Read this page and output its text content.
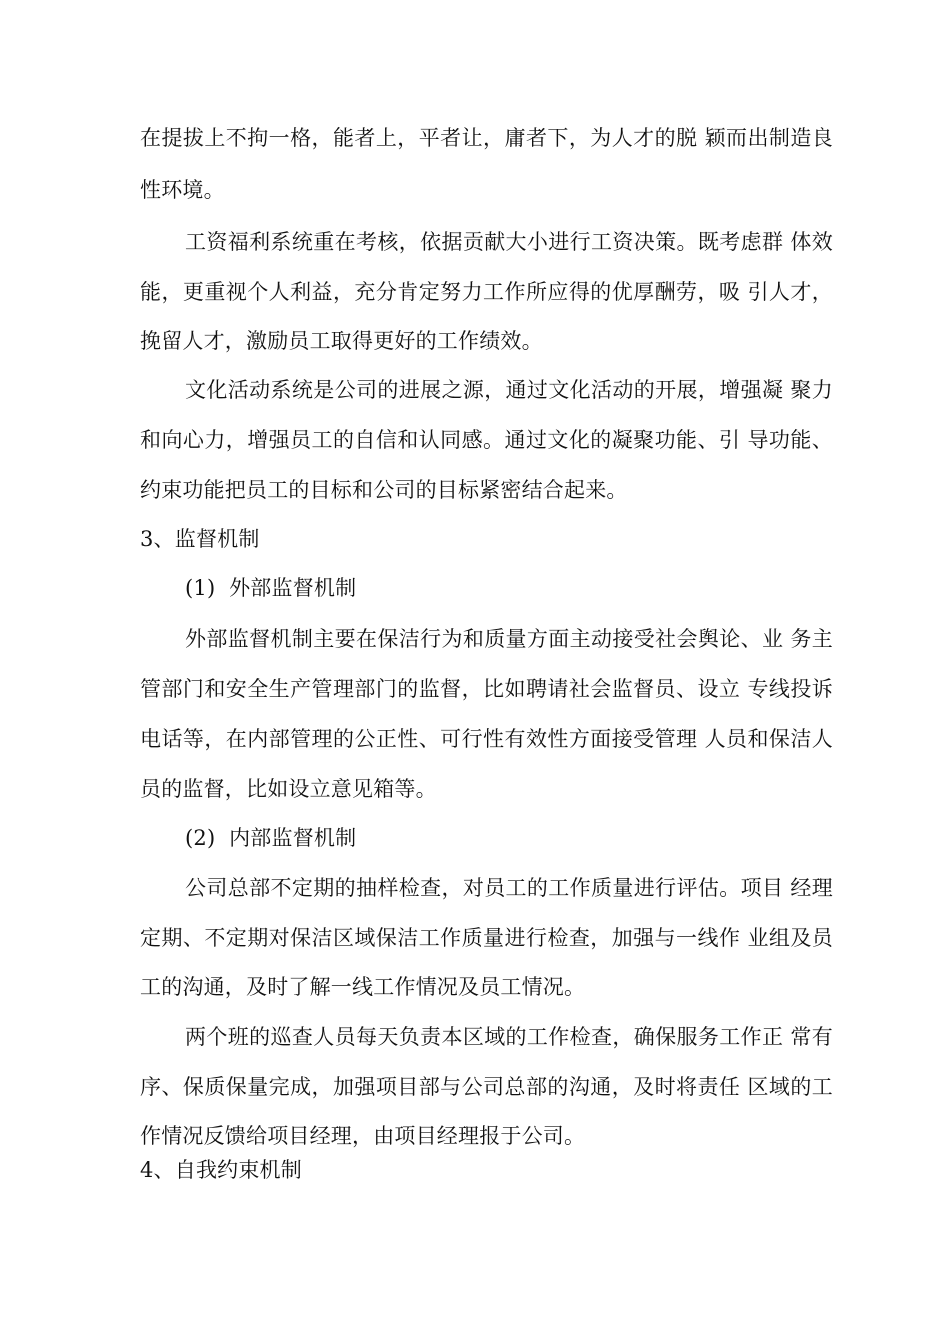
在提拔上不拘一格，能者上，平者让，庸者下，为人才的脱 颖而出制造良
性环境。
工资福利系统重在考核，依据贡献大小进行工资决策。既考虑群 体效
能，更重视个人利益，充分肯定努力工作所应得的优厚酬劳，吸 引人才，
挽留人才，激励员工取得更好的工作绩效。
文化活动系统是公司的进展之源，通过文化活动的开展，增强凝 聚力
和向心力，增强员工的自信和认同感。通过文化的凝聚功能、引 导功能、
约束功能把员工的目标和公司的目标紧密结合起来。
3、监督机制
(1)  外部监督机制
外部监督机制主要在保洁行为和质量方面主动接受社会舆论、业 务主
管部门和安全生产管理部门的监督，比如聘请社会监督员、设立 专线投诉
电话等，在内部管理的公正性、可行性有效性方面接受管理 人员和保洁人
员的监督，比如设立意见箱等。
(2)  内部监督机制
公司总部不定期的抽样检查，对员工的工作质量进行评估。项目 经理
定期、不定期对保洁区域保洁工作质量进行检查，加强与一线作 业组及员
工的沟通，及时了解一线工作情况及员工情况。
两个班的巡查人员每天负责本区域的工作检查，确保服务工作正 常有
序、保质保量完成，加强项目部与公司总部的沟通，及时将责任 区域的工
作情况反馈给项目经理，由项目经理报于公司。
4、自我约束机制
